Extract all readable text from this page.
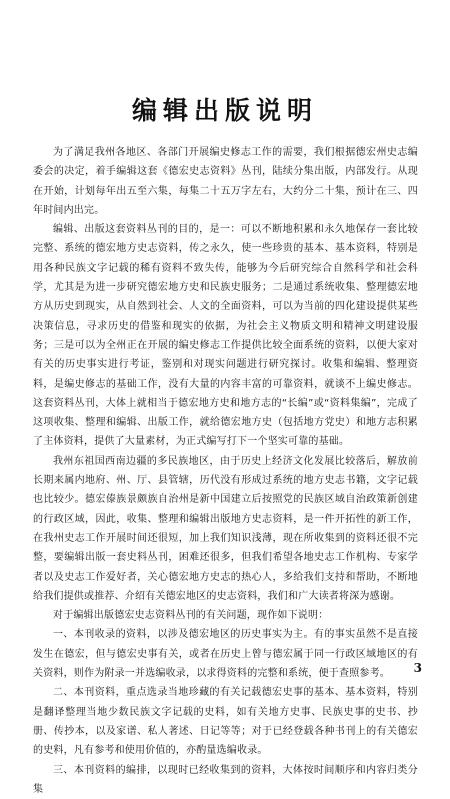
编辑出版说明

为了满足我州各地区、各部门开展编史修志工作的需要，我们根据德宏州史志编委会的决定，着手编辑这套《德宏史志资料》丛刊，陆续分集出版，内部发行。从现在开始，计划每年出五至六集，每集二十五万字左右，大约分二十集，预计在三、四年时间内出完。

编辑、出版这套资料丛刊的目的，是一：可以不断地积累和永久地保存一套比较完整、系统的德宏地方史志资料，传之永久，使一些珍贵的基本、基本资料，特别是用各种民族文字记载的稀有资料不致失传，能够为今后研究综合自然科学和社会科学，尤其是为进一步研究德宏地方史和民族史服务；二是通过系统收集、整理德宏地方从历史到现实，从自然到社会、人文的全面资料，可以为当前的四化建设提供某些决策信息，寻求历史的借鉴和现实的依据，为社会主义物质文明和精神文明建设服务；三是可以为全州正在开展的编史修志工作提供比较全面系统的资料，以便大家对有关的历史事实进行考证，鉴别和对现实问题进行研究探讨。收集和编辑、整理资料，是编史修志的基础工作，没有大量的内容丰富的可靠资料，就谈不上编史修志。这套资料丛刊，大体上就相当于德宏地方史和地方志的“长编”或“资料集编”，完成了这项收集、整理和编辑、出版工作，就给德宏地方史（包括地方党史）和地方志积累了主体资料，提供了大量素材，为正式编写打下一个坚实可靠的基础。

我州东祖国西南边疆的多民族地区，由于历史上经济文化发展比较落后，解放前长期来属内地府、州、厅、县管辖，历代没有形成过系统的地方史志书籍，文字记载也比较少。德宏傣族景颇族自治州是新中国建立后按照党的民族区域自治政策新创建的行政区域，因此，收集、整理和编辑出版地方史志资料，是一件开拓性的新工作，在我州史志工作开展时间还很短，加上我们知识浅薄，现在所收集到的资料还很不完整，要编辑出版一套史料丛刊，困难还很多，但我们希望各地史志工作机构、专家学者以及史志工作爱好者，关心德宏地方史志的热心人，多给我们支持和帮助，不断地给我们提供或推荐、介绍有关德宏地区的史志资料，我们和广大读者将深为感谢。

对于编辑出版德宏史志资料丛刊的有关问题，现作如下说明：

一、本刊收录的资料，以涉及德宏地区的历史事实为主。有的事实虽然不是直接发生在德宏，但与德宏史事有关，或者在历史上曾与德宏属于同一行政区域地区的有关资料，则作为附录一并选编收录，以求得资料的完整和系统，便于查照参考。

二、本刊资料，重点选录当地珍藏的有关记载德宏史事的基本、基本资料，特别是翻译整理当地少数民族文字记载的史料，如有关地方史事、民族史事的史书、抄册、传抄本，以及家谱、私人著述、日记等等；对于已经登载各种书刊上的有关德宏的史料，凡有参考和使用价值的，亦酌量选编收录。

三、本刊资料的编排，以现时已经收集到的资料，大体按时间顺序和内容归类分集

3
